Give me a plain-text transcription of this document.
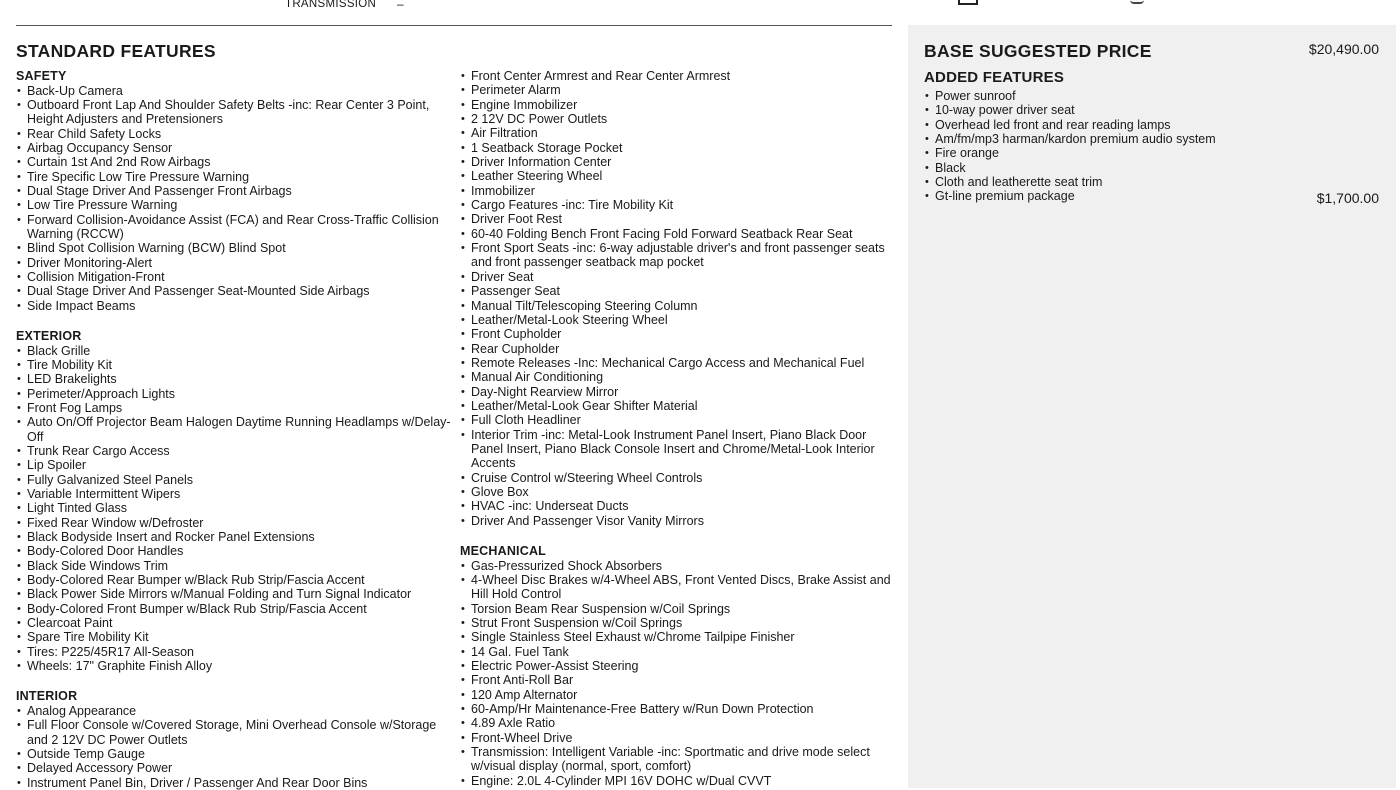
TRANSMISSION –
STANDARD FEATURES
SAFETY
• Back-Up Camera
• Outboard Front Lap And Shoulder Safety Belts -inc: Rear Center 3 Point, Height Adjusters and Pretensioners
• Rear Child Safety Locks
• Airbag Occupancy Sensor
• Curtain 1st And 2nd Row Airbags
• Tire Specific Low Tire Pressure Warning
• Dual Stage Driver And Passenger Front Airbags
• Low Tire Pressure Warning
• Forward Collision-Avoidance Assist (FCA) and Rear Cross-Traffic Collision Warning (RCCW)
• Blind Spot Collision Warning (BCW) Blind Spot
• Driver Monitoring-Alert
• Collision Mitigation-Front
• Dual Stage Driver And Passenger Seat-Mounted Side Airbags
• Side Impact Beams
EXTERIOR
• Black Grille
• Tire Mobility Kit
• LED Brakelights
• Perimeter/Approach Lights
• Front Fog Lamps
• Auto On/Off Projector Beam Halogen Daytime Running Headlamps w/Delay-Off
• Trunk Rear Cargo Access
• Lip Spoiler
• Fully Galvanized Steel Panels
• Variable Intermittent Wipers
• Light Tinted Glass
• Fixed Rear Window w/Defroster
• Black Bodyside Insert and Rocker Panel Extensions
• Body-Colored Door Handles
• Black Side Windows Trim
• Body-Colored Rear Bumper w/Black Rub Strip/Fascia Accent
• Black Power Side Mirrors w/Manual Folding and Turn Signal Indicator
• Body-Colored Front Bumper w/Black Rub Strip/Fascia Accent
• Clearcoat Paint
• Spare Tire Mobility Kit
• Tires: P225/45R17 All-Season
• Wheels: 17" Graphite Finish Alloy
INTERIOR
• Analog Appearance
• Full Floor Console w/Covered Storage, Mini Overhead Console w/Storage and 2 12V DC Power Outlets
• Outside Temp Gauge
• Delayed Accessory Power
• Instrument Panel Bin, Driver / Passenger And Rear Door Bins
• Front Center Armrest and Rear Center Armrest
• Perimeter Alarm
• Engine Immobilizer
• 2 12V DC Power Outlets
• Air Filtration
• 1 Seatback Storage Pocket
• Driver Information Center
• Leather Steering Wheel
• Immobilizer
• Cargo Features -inc: Tire Mobility Kit
• Driver Foot Rest
• 60-40 Folding Bench Front Facing Fold Forward Seatback Rear Seat
• Front Sport Seats -inc: 6-way adjustable driver's and front passenger seats and front passenger seatback map pocket
• Driver Seat
• Passenger Seat
• Manual Tilt/Telescoping Steering Column
• Leather/Metal-Look Steering Wheel
• Front Cupholder
• Rear Cupholder
• Remote Releases -Inc: Mechanical Cargo Access and Mechanical Fuel
• Manual Air Conditioning
• Day-Night Rearview Mirror
• Leather/Metal-Look Gear Shifter Material
• Full Cloth Headliner
• Interior Trim -inc: Metal-Look Instrument Panel Insert, Piano Black Door Panel Insert, Piano Black Console Insert and Chrome/Metal-Look Interior Accents
• Cruise Control w/Steering Wheel Controls
• Glove Box
• HVAC -inc: Underseat Ducts
• Driver And Passenger Visor Vanity Mirrors
MECHANICAL
• Gas-Pressurized Shock Absorbers
• 4-Wheel Disc Brakes w/4-Wheel ABS, Front Vented Discs, Brake Assist and Hill Hold Control
• Torsion Beam Rear Suspension w/Coil Springs
• Strut Front Suspension w/Coil Springs
• Single Stainless Steel Exhaust w/Chrome Tailpipe Finisher
• 14 Gal. Fuel Tank
• Electric Power-Assist Steering
• Front Anti-Roll Bar
• 120 Amp Alternator
• 60-Amp/Hr Maintenance-Free Battery w/Run Down Protection
• 4.89 Axle Ratio
• Front-Wheel Drive
• Transmission: Intelligent Variable -inc: Sportmatic and drive mode select w/visual display (normal, sport, comfort)
• Engine: 2.0L 4-Cylinder MPI 16V DOHC w/Dual CVVT
BASE SUGGESTED PRICE	$20,490.00
ADDED FEATURES
• Power sunroof
• 10-way power driver seat
• Overhead led front and rear reading lamps
• Am/fm/mp3 harman/kardon premium audio system
• Fire orange
• Black
• Cloth and leatherette seat trim
• Gt-line premium package	$1,700.00
